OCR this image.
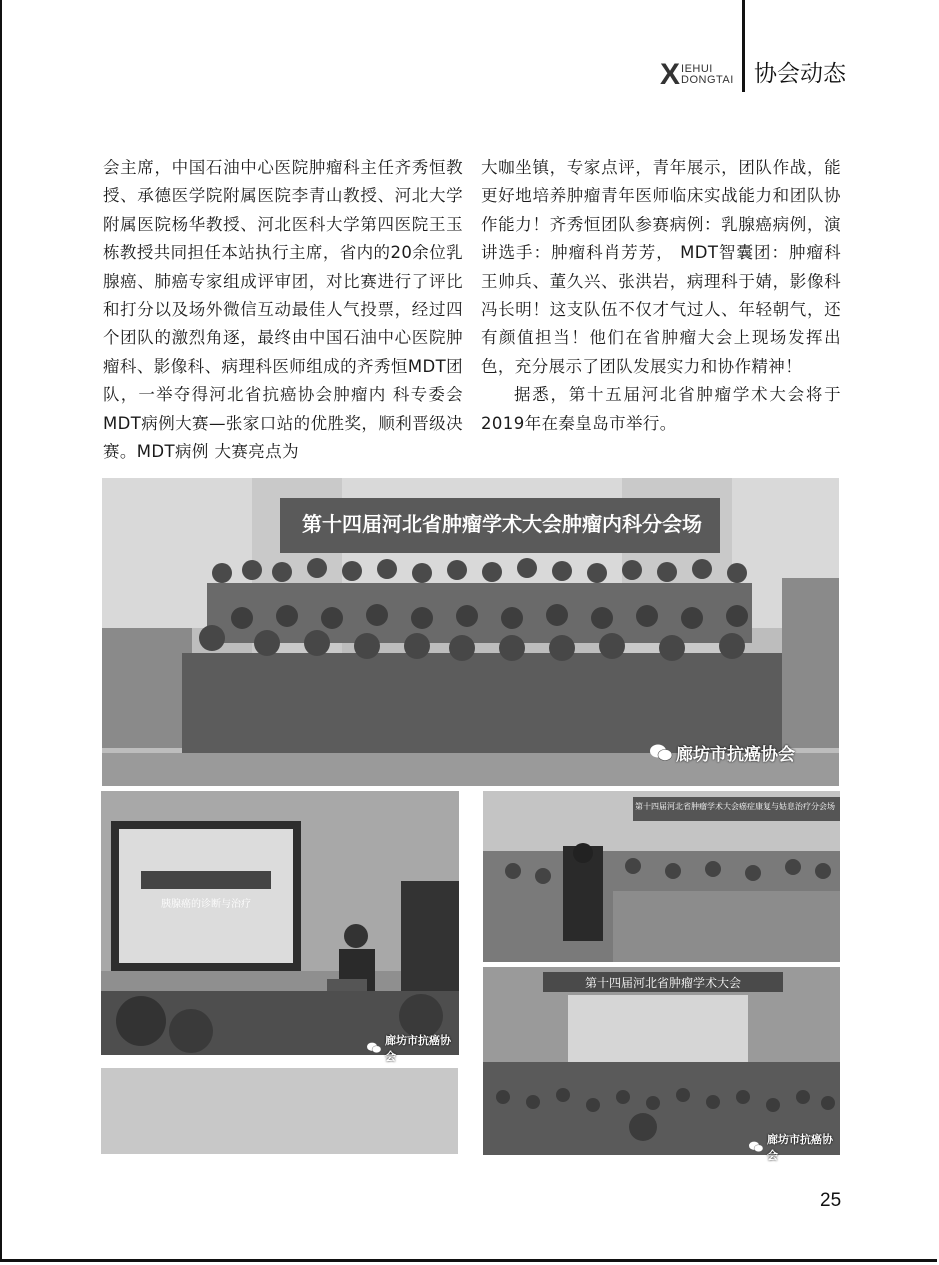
X IEHUI
DONGTAI 协会动态

会主席，中国石油中心医院肿瘤科主任齐秀恒教授、承德医学院附属医院李青山教授、河北大学附属医院杨华教授、河北医科大学第四医院王玉栋教授共同担任本站执行主席，省内的20余位乳腺癌、肺癌专家组成评审团，对比赛进行了评比和打分以及场外微信互动最佳人气投票，经过四个团队的激烈角逐，最终由中国石油中心医院肿瘤科、影像科、病理科医师组成的齐秀恒MDT团队，一举夺得河北省抗癌协会肿瘤内 科专委会MDT病例大赛—张家口站的优胜奖，顺利晋级决赛。MDT病例 大赛亮点为

大咖坐镇，专家点评，青年展示，团队作战，能更好地培养肿瘤青年医师临床实战能力和团队协作能力！齐秀恒团队参赛病例：乳腺癌病例，演讲选手：肿瘤科肖芳芳， MDT智囊团：肿瘤科王帅兵、董久兴、张洪岩，病理科于婧，影像科冯长明！这支队伍不仅才气过人、年轻朝气，还有颜值担当！他们在省肿瘤大会上现场发挥出色，充分展示了团队发展实力和协作精神！

据悉，第十五届河北省肿瘤学术大会将于2019年在秦皇岛市举行。

第十四届河北省肿瘤学术大会肿瘤内科分会场
廊坊市抗癌协会
胰腺癌的诊断与治疗
廊坊市抗癌协会
第十四届河北省肿瘤学术大会癌症康复与姑息治疗分会场
第十四届河北省肿瘤学术大会
廊坊市抗癌协会
25
